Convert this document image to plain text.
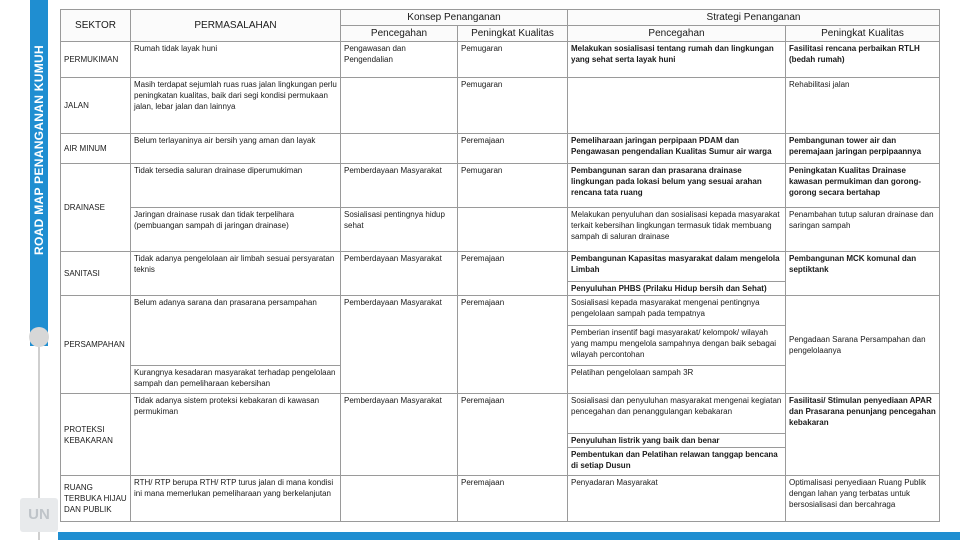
ROAD MAP PENANGANAN KUMUH
UN
SEKTOR	PERMASALAHAN	Konsep Penanganan		Strategi Penanganan	
		Pencegahan	Peningkat Kualitas	Pencegahan	Peningkat Kualitas
PERMUKIMAN	Rumah tidak layak huni	Pengawasan dan Pengendalian	Pemugaran	Melakukan sosialisasi tentang rumah dan lingkungan yang sehat serta layak huni	Fasilitasi rencana perbaikan RTLH (bedah rumah)
JALAN	Masih terdapat sejumlah ruas ruas jalan lingkungan perlu peningkatan kualitas, baik dari segi kondisi permukaan jalan, lebar jalan dan lainnya		Pemugaran		Rehabilitasi jalan
AIR MINUM	Belum terlayaninya air bersih yang aman dan layak		Peremajaan	Pemeliharaan jaringan perpipaan PDAM dan Pengawasan pengendalian Kualitas Sumur air warga	Pembangunan tower air dan peremajaan jaringan perpipaannya
DRAINASE	Tidak tersedia saluran drainase diperumukiman	Pemberdayaan Masyarakat	Pemugaran	Pembangunan saran dan prasarana drainase lingkungan pada lokasi belum yang sesuai arahan rencana tata ruang	Peningkatan Kualitas Drainase kawasan permukiman dan gorong-gorong secara bertahap
	Jaringan drainase rusak dan tidak terpelihara (pembuangan sampah di jaringan drainase)	Sosialisasi pentingnya hidup sehat		Melakukan penyuluhan dan sosialisasi kepada masyarakat terkait kebersihan lingkungan termasuk tidak membuang sampah di saluran drainase	Penambahan tutup saluran drainase dan saringan sampah
SANITASI	Tidak adanya pengelolaan air limbah sesuai persyaratan teknis	Pemberdayaan Masyarakat	Peremajaan	Pembangunan Kapasitas masyarakat dalam mengelola Limbah	Pembangunan MCK komunal dan septiktank
				Penyuluhan PHBS (Prilaku Hidup bersih dan Sehat)	
PERSAMPAHAN	Belum adanya sarana dan prasarana persampahan	Pemberdayaan Masyarakat	Peremajaan	Sosialisasi kepada masyarakat mengenai pentingnya pengelolaan sampah pada tempatnya	Pengadaan Sarana Persampahan dan pengelolaanya
				Pemberian insentif bagi masyarakat/ kelompok/ wilayah yang mampu mengelola sampahnya dengan baik sebagai wilayah percontohan	
	Kurangnya kesadaran masyarakat terhadap pengelolaan sampah dan pemeliharaan kebersihan			Pelatihan pengelolaan sampah 3R	
PROTEKSI KEBAKARAN	Tidak adanya sistem proteksi kebakaran di kawasan permukiman	Pemberdayaan Masyarakat	Peremajaan	Sosialisasi dan penyuluhan masyarakat mengenai kegiatan pencegahan dan penanggulangan kebakaran	Fasilitasi/ Stimulan penyediaan APAR dan Prasarana penunjang pencegahan kebakaran
				Penyuluhan listrik yang baik dan benar	
				Pembentukan dan Pelatihan relawan tanggap bencana di setiap Dusun	
RUANG TERBUKA HIJAU DAN PUBLIK	RTH/ RTP berupa RTH/ RTP turus jalan di mana kondisi ini mana memerlukan pemeliharaan yang berkelanjutan		Peremajaan	Penyadaran Masyarakat	Optimalisasi penyediaan Ruang Publik dengan lahan yang terbatas untuk bersosialisasi dan bercahraga
